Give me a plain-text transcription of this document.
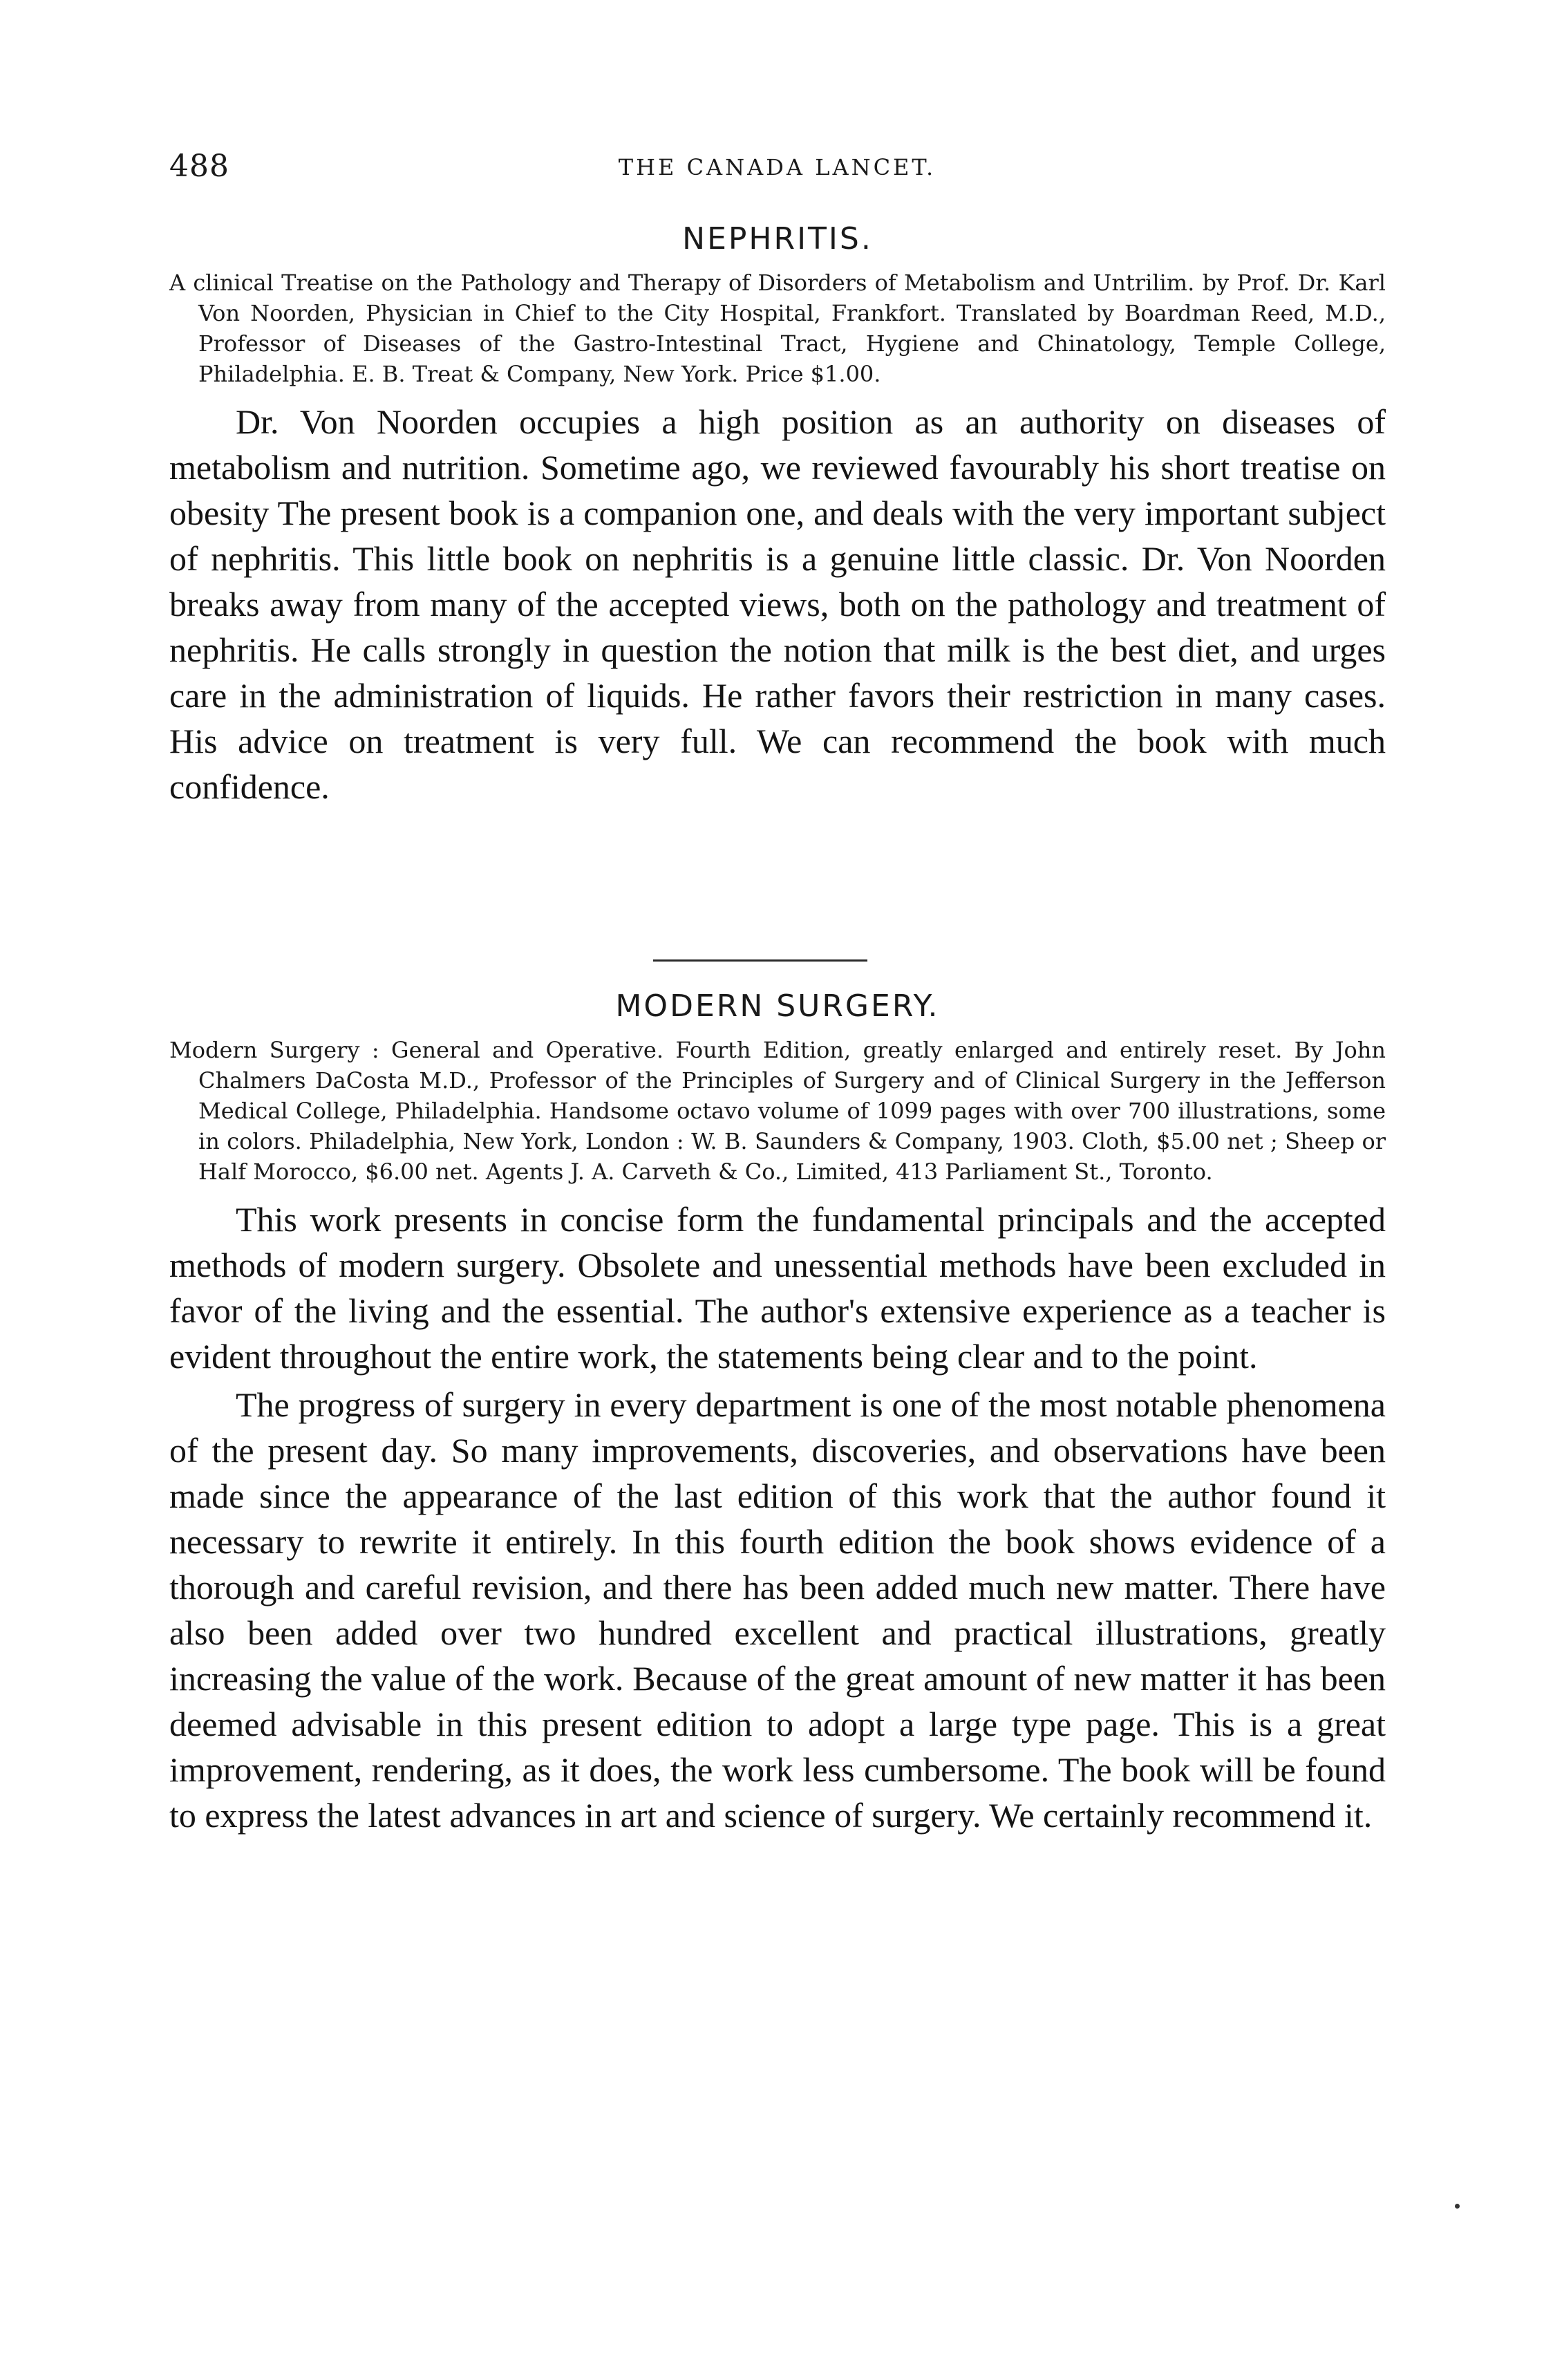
488	THE CANADA LANCET.
NEPHRITIS.

A clinical Treatise on the Pathology and Therapy of Disorders of Metabolism and Untrilim. by Prof. Dr. Karl Von Noorden, Physician in Chief to the City Hospital, Frankfort. Translated by Boardman Reed, M.D., Professor of Diseases of the Gastro-Intestinal Tract, Hygiene and Chinatology, Temple College, Philadelphia. E. B. Treat & Company, New York. Price $1.00.

Dr. Von Noorden occupies a high position as an authority on diseases of metabolism and nutrition. Sometime ago, we reviewed favourably his short treatise on obesity The present book is a companion one, and deals with the very important subject of nephritis. This little book on nephritis is a genuine little classic. Dr. Von Noorden breaks away from many of the accepted views, both on the pathology and treatment of nephritis. He calls strongly in question the notion that milk is the best diet, and urges care in the administration of liquids. He rather favors their restriction in many cases. His advice on treatment is very full. We can recommend the book with much confidence.

MODERN SURGERY.

Modern Surgery : General and Operative. Fourth Edition, greatly enlarged and entirely reset. By John Chalmers DaCosta M.D., Professor of the Principles of Surgery and of Clinical Surgery in the Jefferson Medical College, Philadelphia. Handsome octavo volume of 1099 pages with over 700 illustrations, some in colors. Philadelphia, New York, London : W. B. Saunders & Company, 1903. Cloth, $5.00 net ; Sheep or Half Morocco, $6.00 net. Agents J. A. Carveth & Co., Limited, 413 Parliament St., Toronto.

This work presents in concise form the fundamental principals and the accepted methods of modern surgery. Obsolete and unessential methods have been excluded in favor of the living and the essential. The author's extensive experience as a teacher is evident throughout the entire work, the statements being clear and to the point.

The progress of surgery in every department is one of the most notable phenomena of the present day. So many improvements, discoveries, and observations have been made since the appearance of the last edition of this work that the author found it necessary to rewrite it entirely. In this fourth edition the book shows evidence of a thorough and careful revision, and there has been added much new matter. There have also been added over two hundred excellent and practical illustrations, greatly increasing the value of the work. Because of the great amount of new matter it has been deemed advisable in this present edition to adopt a large type page. This is a great improvement, rendering, as it does, the work less cumbersome. The book will be found to express the latest advances in art and science of surgery. We certainly recommend it.
